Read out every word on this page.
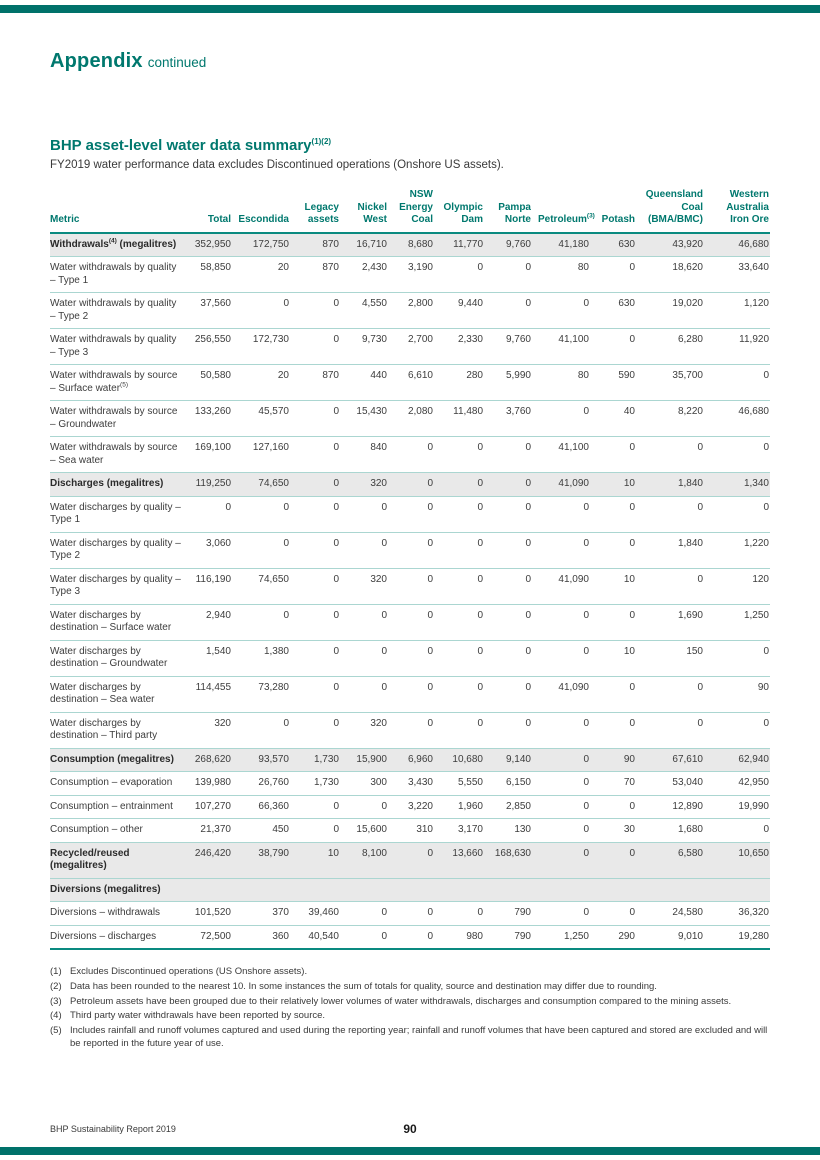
Appendix continued
BHP asset-level water data summary$^{(1)(2)}$
FY2019 water performance data excludes Discontinued operations (Onshore US assets).
Metric	Total	Escondida	Legacy assets	Nickel West	NSW Energy Coal	Olympic Dam	Pampa Norte	Petroleum$^{(3)}$	Potash	Queensland Coal (BMA/BMC)	Western Australia Iron Ore
Withdrawals$^{(4)}$ (megalitres)	352,950	172,750	870	16,710	8,680	11,770	9,760	41,180	630	43,920	46,680
Water withdrawals by quality – Type 1	58,850	20	870	2,430	3,190	0	0	80	0	18,620	33,640
Water withdrawals by quality – Type 2	37,560	0	0	4,550	2,800	9,440	0	0	630	19,020	1,120
Water withdrawals by quality – Type 3	256,550	172,730	0	9,730	2,700	2,330	9,760	41,100	0	6,280	11,920
Water withdrawals by source – Surface water$^{(5)}$	50,580	20	870	440	6,610	280	5,990	80	590	35,700	0
Water withdrawals by source – Groundwater	133,260	45,570	0	15,430	2,080	11,480	3,760	0	40	8,220	46,680
Water withdrawals by source – Sea water	169,100	127,160	0	840	0	0	0	41,100	0	0	0
Discharges (megalitres)	119,250	74,650	0	320	0	0	0	41,090	10	1,840	1,340
Water discharges by quality – Type 1	0	0	0	0	0	0	0	0	0	0	0
Water discharges by quality – Type 2	3,060	0	0	0	0	0	0	0	0	1,840	1,220
Water discharges by quality – Type 3	116,190	74,650	0	320	0	0	0	41,090	10	0	120
Water discharges by destination – Surface water	2,940	0	0	0	0	0	0	0	0	1,690	1,250
Water discharges by destination – Groundwater	1,540	1,380	0	0	0	0	0	0	10	150	0
Water discharges by destination – Sea water	114,455	73,280	0	0	0	0	0	41,090	0	0	90
Water discharges by destination – Third party	320	0	0	320	0	0	0	0	0	0	0
Consumption (megalitres)	268,620	93,570	1,730	15,900	6,960	10,680	9,140	0	90	67,610	62,940
Consumption – evaporation	139,980	26,760	1,730	300	3,430	5,550	6,150	0	70	53,040	42,950
Consumption – entrainment	107,270	66,360	0	0	3,220	1,960	2,850	0	0	12,890	19,990
Consumption – other	21,370	450	0	15,600	310	3,170	130	0	30	1,680	0
Recycled/reused (megalitres)	246,420	38,790	10	8,100	0	13,660	168,630	0	0	6,580	10,650
Diversions (megalitres)											
Diversions – withdrawals	101,520	370	39,460	0	0	0	790	0	0	24,580	36,320
Diversions – discharges	72,500	360	40,540	0	0	980	790	1,250	290	9,010	19,280
(1) Excludes Discontinued operations (US Onshore assets).
(2) Data has been rounded to the nearest 10. In some instances the sum of totals for quality, source and destination may differ due to rounding.
(3) Petroleum assets have been grouped due to their relatively lower volumes of water withdrawals, discharges and consumption compared to the mining assets.
(4) Third party water withdrawals have been reported by source.
(5) Includes rainfall and runoff volumes captured and used during the reporting year; rainfall and runoff volumes that have been captured and stored are excluded and will be reported in the future year of use.
BHP Sustainability Report 2019	90
